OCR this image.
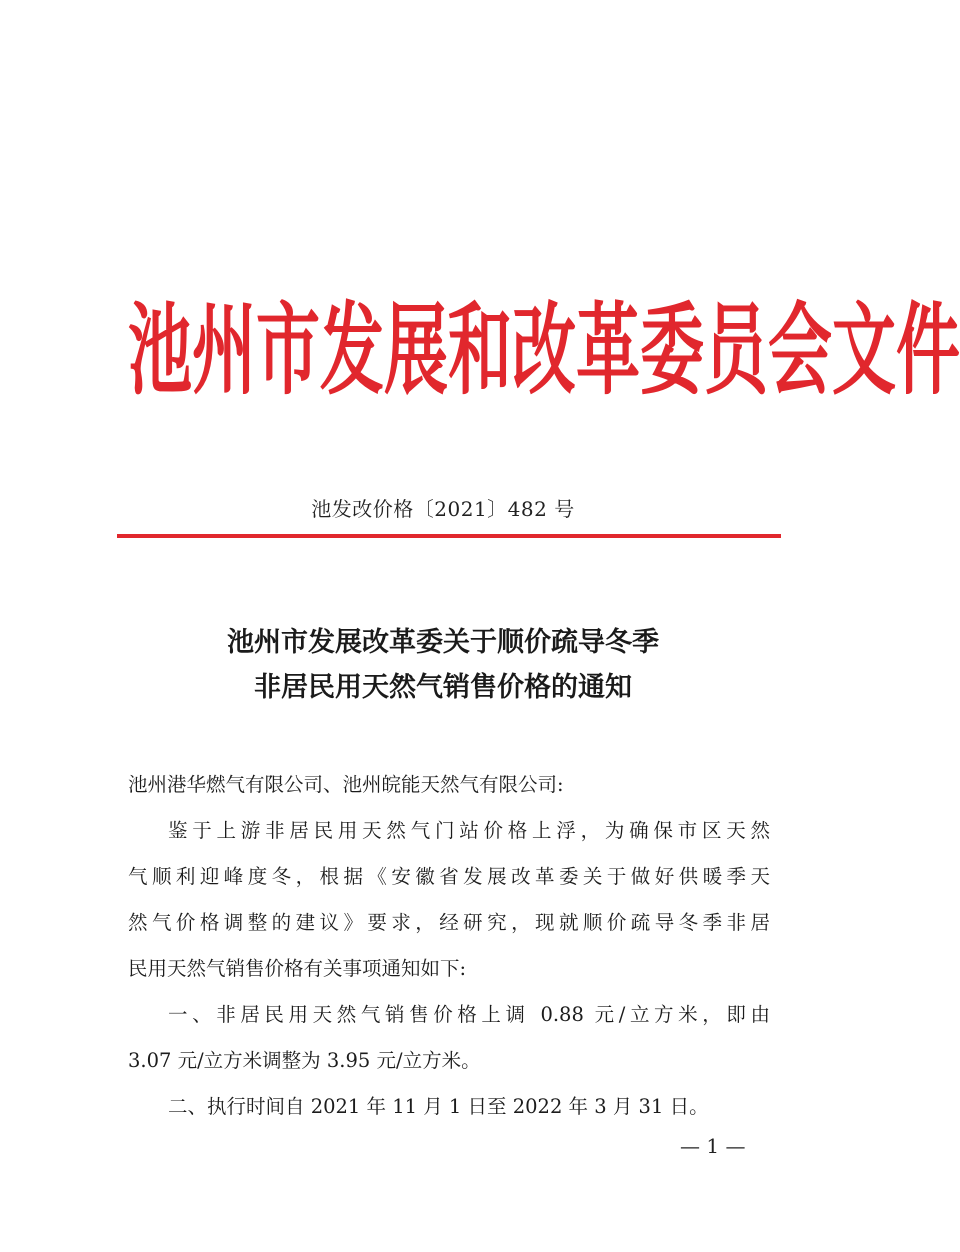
池 州 市 发 展 和 改 革 委 员 会 文 件
池发改价格〔2021〕482 号
池州市发展改革委关于顺价疏导冬季
非居民用天然气销售价格的通知
池州港华燃气有限公司、池州皖能天然气有限公司:
鉴于上游非居民用天然气门站价格上浮，为确保市区天然
气顺利迎峰度冬，根据《安徽省发展改革委关于做好供暖季天
然气价格调整的建议》要求，经研究，现就顺价疏导冬季非居
民用天然气销售价格有关事项通知如下:
一、非居民用天然气销售价格上调 0.88 元/立方米，即由
3.07 元/立方米调整为 3.95 元/立方米。
二、执行时间自 2021 年 11 月 1 日至 2022 年 3 月 31 日。
— 1 —
